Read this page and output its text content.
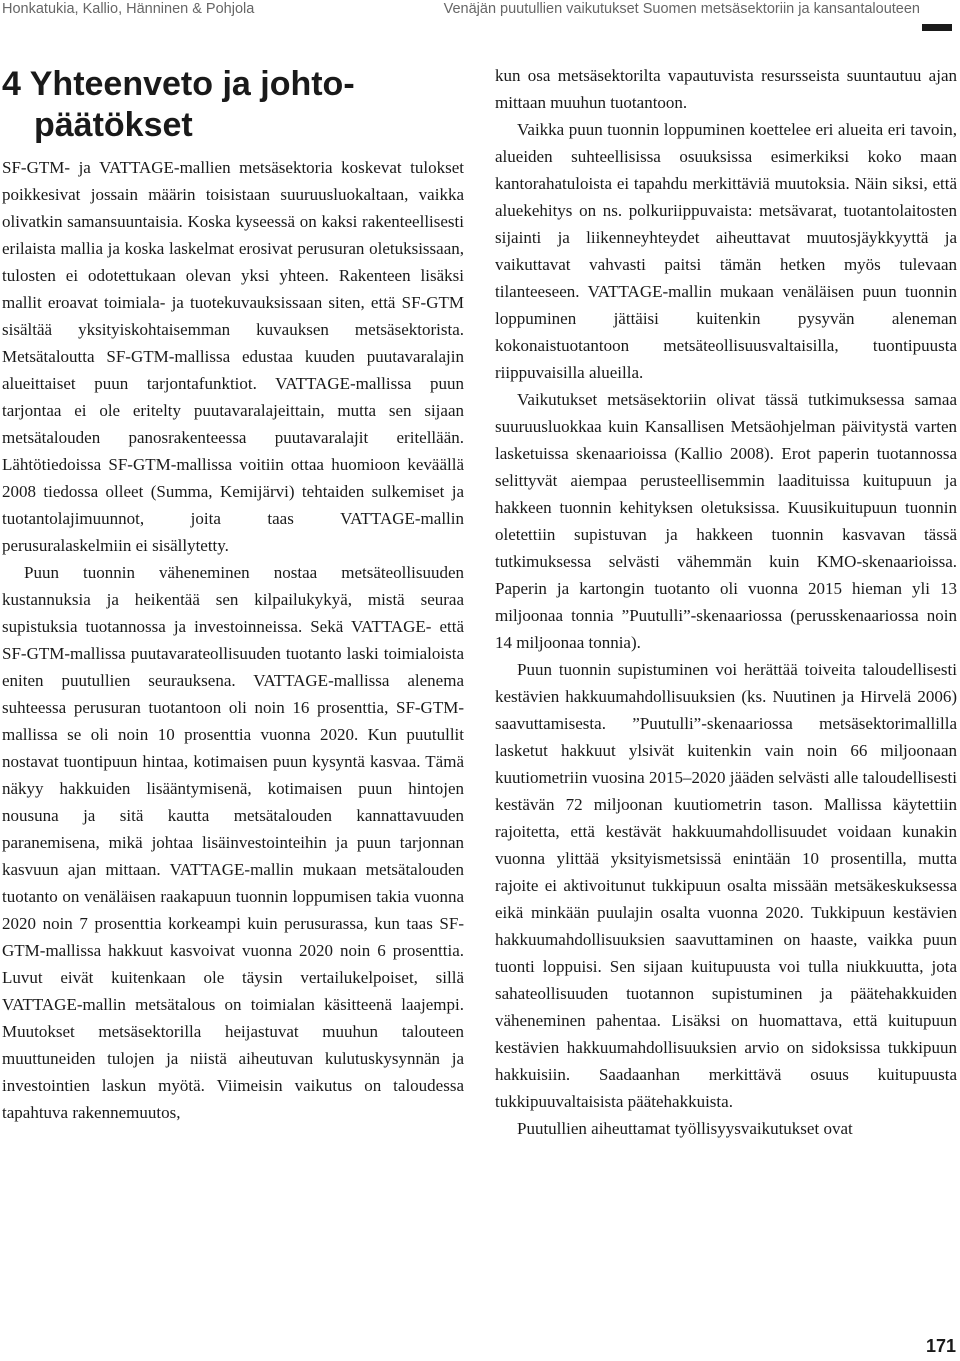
Honkatukia, Kallio, Hänninen & Pohjola	Venäjän puutullien vaikutukset Suomen metsäsektoriin ja kansantalouteen
4 Yhteenveto ja johto-
päätökset

SF-GTM- ja VATTAGE-mallien metsäsektoria koskevat tulokset poikkesivat jossain määrin toisistaan suuruusluokaltaan, vaikka olivatkin samansuuntaisia. Koska kyseessä on kaksi rakenteellisesti erilaista mallia ja koska laskelmat erosivat perusuran oletuksissaan, tulosten ei odotettukaan olevan yksi yhteen. Rakenteen lisäksi mallit eroavat toimiala- ja tuotekuvauksissaan siten, että SF-GTM sisältää yksityiskohtaisemman kuvauksen metsäsektorista. Metsätaloutta SF-GTM-mallissa edustaa kuuden puutavaralajin alueittaiset puun tarjontafunktiot. VATTAGE-mallissa puun tarjontaa ei ole eritelty puutavaralajeittain, mutta sen sijaan metsätalouden panosrakenteessa puutavaralajit eritellään. Lähtötiedoissa SF-GTM-mallissa voitiin ottaa huomioon keväällä 2008 tiedossa olleet (Summa, Kemijärvi) tehtaiden sulkemiset ja tuotantolajimuunnot, joita taas VATTAGE-mallin perusuralaskelmiin ei sisällytetty.

Puun tuonnin väheneminen nostaa metsäteollisuuden kustannuksia ja heikentää sen kilpailukykyä, mistä seuraa supistuksia tuotannossa ja investoinneissa. Sekä VATTAGE- että SF-GTM-mallissa puutavarateollisuuden tuotanto laski toimialoista eniten puutullien seurauksena. VATTAGE-mallissa alenema suhteessa perusuran tuotantoon oli noin 16 prosenttia, SF-GTM-mallissa se oli noin 10 prosenttia vuonna 2020. Kun puutullit nostavat tuontipuun hintaa, kotimaisen puun kysyntä kasvaa. Tämä näkyy hakkuiden lisääntymisenä, kotimaisen puun hintojen nousuna ja sitä kautta metsätalouden kannattavuuden paranemisena, mikä johtaa lisäinvestointeihin ja puun tarjonnan kasvuun ajan mittaan. VATTAGE-mallin mukaan metsätalouden tuotanto on venäläisen raakapuun tuonnin loppumisen takia vuonna 2020 noin 7 prosenttia korkeampi kuin perusurassa, kun taas SF-GTM-mallissa hakkuut kasvoivat vuonna 2020 noin 6 prosenttia. Luvut eivät kuitenkaan ole täysin vertailukelpoiset, sillä VATTAGE-mallin metsätalous on toimialan käsitteenä laajempi. Muutokset metsäsektorilla heijastuvat muuhun talouteen muuttuneiden tulojen ja niistä aiheutuvan kulutuskysynnän ja investointien laskun myötä. Viimeisin vaikutus on taloudessa tapahtuva rakennemuutos,

kun osa metsäsektorilta vapautuvista resursseista suuntautuu ajan mittaan muuhun tuotantoon.

Vaikka puun tuonnin loppuminen koettelee eri alueita eri tavoin, alueiden suhteellisissa osuuksissa esimerkiksi koko maan kantorahatuloista ei tapahdu merkittäviä muutoksia. Näin siksi, että aluekehitys on ns. polkuriippuvaista: metsävarat, tuotantolaitosten sijainti ja liikenneyhteydet aiheuttavat muutosjäykkyyttä ja vaikuttavat vahvasti paitsi tämän hetken myös tulevaan tilanteeseen. VATTAGE-mallin mukaan venäläisen puun tuonnin loppuminen jättäisi kuitenkin pysyvän aleneman kokonaistuotantoon metsäteollisuusvaltaisilla, tuontipuusta riippuvaisilla alueilla.

Vaikutukset metsäsektoriin olivat tässä tutkimuksessa samaa suuruusluokkaa kuin Kansallisen Metsäohjelman päivitystä varten lasketuissa skenaarioissa (Kallio 2008). Erot paperin tuotannossa selittyvät aiempaa perusteellisemmin laadituissa kuitupuun ja hakkeen tuonnin kehityksen oletuksissa. Kuusikuitupuun tuonnin oletettiin supistuvan ja hakkeen tuonnin kasvavan tässä tutkimuksessa selvästi vähemmän kuin KMO-skenaarioissa. Paperin ja kartongin tuotanto oli vuonna 2015 hieman yli 13 miljoonaa tonnia ”Puutulli”-skenaariossa (perusskenaariossa noin 14 miljoonaa tonnia).

Puun tuonnin supistuminen voi herättää toiveita taloudellisesti kestävien hakkuumahdollisuuksien (ks. Nuutinen ja Hirvelä 2006) saavuttamisesta. ”Puutulli”-skenaariossa metsäsektorimallilla lasketut hakkuut ylsivät kuitenkin vain noin 66 miljoonaan kuutiometriin vuosina 2015–2020 jääden selvästi alle taloudellisesti kestävän 72 miljoonan kuutiometrin tason. Mallissa käytettiin rajoitetta, että kestävät hakkuumahdollisuudet voidaan kunakin vuonna ylittää yksityismetsissä enintään 10 prosentilla, mutta rajoite ei aktivoitunut tukkipuun osalta missään metsäkeskuksessa eikä minkään puulajin osalta vuonna 2020. Tukkipuun kestävien hakkuumahdollisuuksien saavuttaminen on haaste, vaikka puun tuonti loppuisi. Sen sijaan kuitupuusta voi tulla niukkuutta, jota sahateollisuuden tuotannon supistuminen ja päätehakkuiden väheneminen pahentaa. Lisäksi on huomattava, että kuitupuun kestävien hakkuumahdollisuuksien arvio on sidoksissa tukkipuun hakkuisiin. Saadaanhan merkittävä osuus kuitupuusta tukkipuuvaltaisista päätehakkuista.

Puutullien aiheuttamat työllisyysvaikutukset ovat

171
